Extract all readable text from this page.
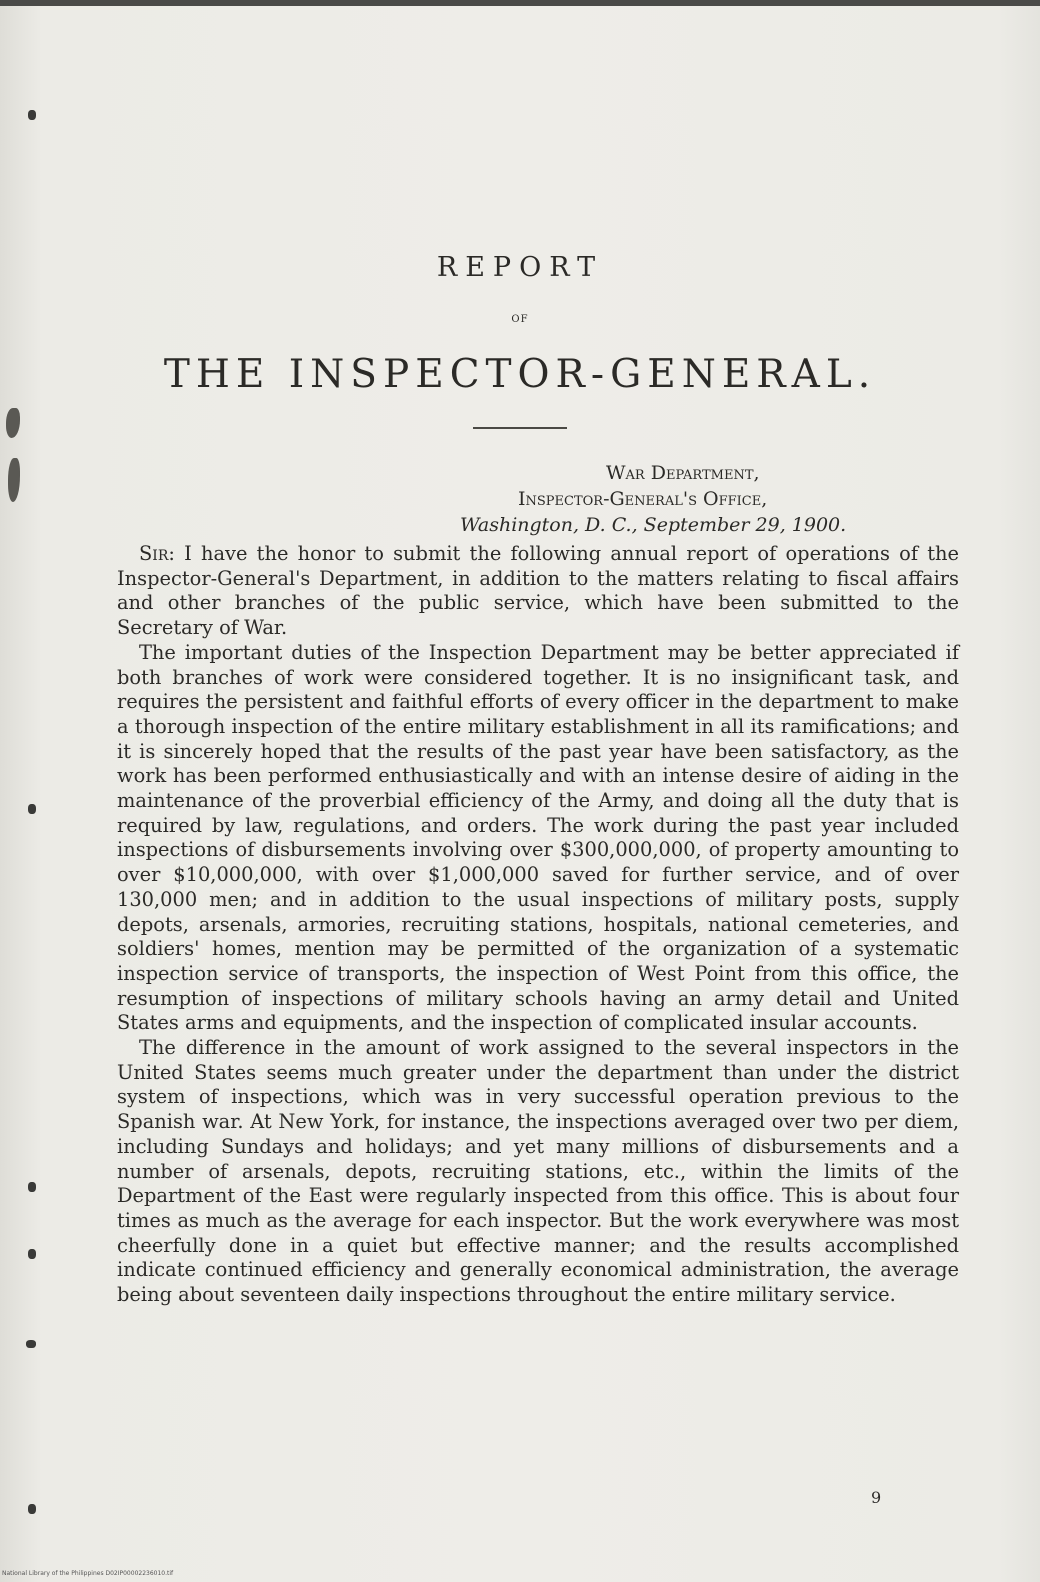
REPORT
OF
THE INSPECTOR-GENERAL.
War Department,
Inspector-General's Office,
Washington, D. C., September 29, 1900.

Sir: I have the honor to submit the following annual report of operations of the Inspector-General's Department, in addition to the matters relating to fiscal affairs and other branches of the public service, which have been submitted to the Secretary of War.

The important duties of the Inspection Department may be better appreciated if both branches of work were considered together. It is no insignificant task, and requires the persistent and faithful efforts of every officer in the department to make a thorough inspection of the entire military establishment in all its ramifications; and it is sincerely hoped that the results of the past year have been satisfactory, as the work has been performed enthusiastically and with an intense desire of aiding in the maintenance of the proverbial efficiency of the Army, and doing all the duty that is required by law, regulations, and orders. The work during the past year included inspections of disbursements involving over $300,000,000, of property amounting to over $10,000,000, with over $1,000,000 saved for further service, and of over 130,000 men; and in addition to the usual inspections of military posts, supply depots, arsenals, armories, recruiting stations, hospitals, national cemeteries, and soldiers' homes, mention may be permitted of the organization of a systematic inspection service of transports, the inspection of West Point from this office, the resumption of inspections of military schools having an army detail and United States arms and equipments, and the inspection of complicated insular accounts.

The difference in the amount of work assigned to the several inspectors in the United States seems much greater under the department than under the district system of inspections, which was in very successful operation previous to the Spanish war. At New York, for instance, the inspections averaged over two per diem, including Sundays and holidays; and yet many millions of disbursements and a number of arsenals, depots, recruiting stations, etc., within the limits of the Department of the East were regularly inspected from this office. This is about four times as much as the average for each inspector. But the work everywhere was most cheerfully done in a quiet but effective manner; and the results accomplished indicate continued efficiency and generally economical administration, the average being about seventeen daily inspections throughout the entire military service.

9
National Library of the Philippines D02IP00002236010.tif
